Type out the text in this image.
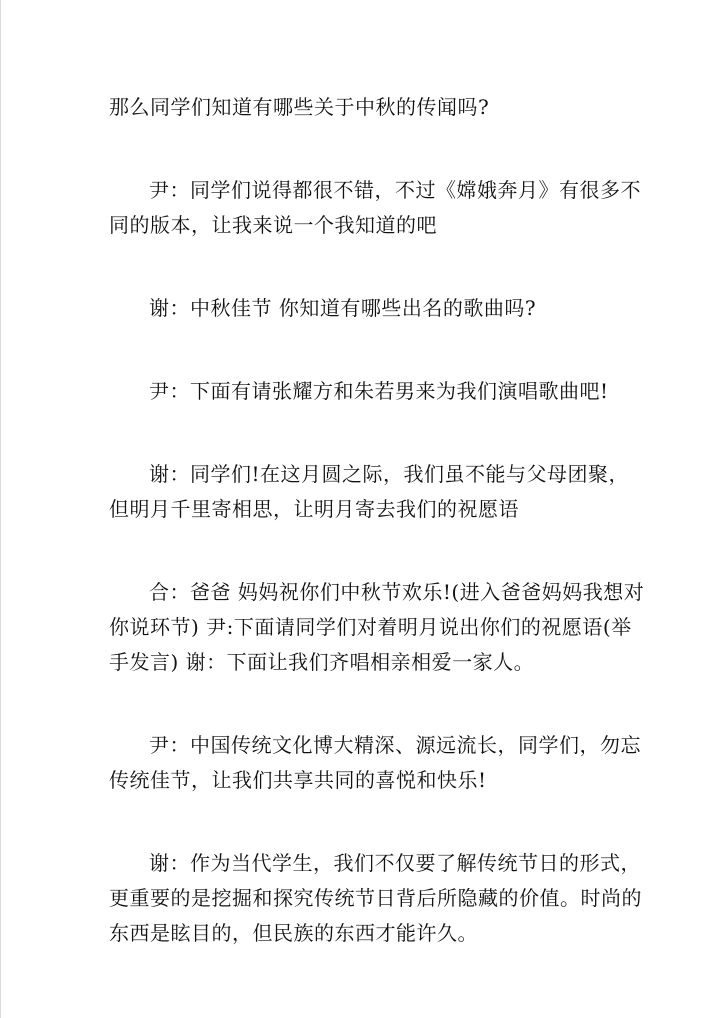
那么同学们知道有哪些关于中秋的传闻吗?

尹：同学们说得都很不错，不过《嫦娥奔月》有很多不
同的版本，让我来说一个我知道的吧

谢：中秋佳节 你知道有哪些出名的歌曲吗?

尹：下面有请张耀方和朱若男来为我们演唱歌曲吧!

谢：同学们!在这月圆之际，我们虽不能与父母团聚，
但明月千里寄相思，让明月寄去我们的祝愿语

合：爸爸 妈妈祝你们中秋节欢乐!(进入爸爸妈妈我想对
你说环节) 尹:下面请同学们对着明月说出你们的祝愿语(举
手发言) 谢：下面让我们齐唱相亲相爱一家人。

尹：中国传统文化博大精深、源远流长，同学们，勿忘
传统佳节，让我们共享共同的喜悦和快乐!

谢：作为当代学生，我们不仅要了解传统节日的形式，
更重要的是挖掘和探究传统节日背后所隐藏的价值。时尚的
东西是眩目的，但民族的东西才能许久。
